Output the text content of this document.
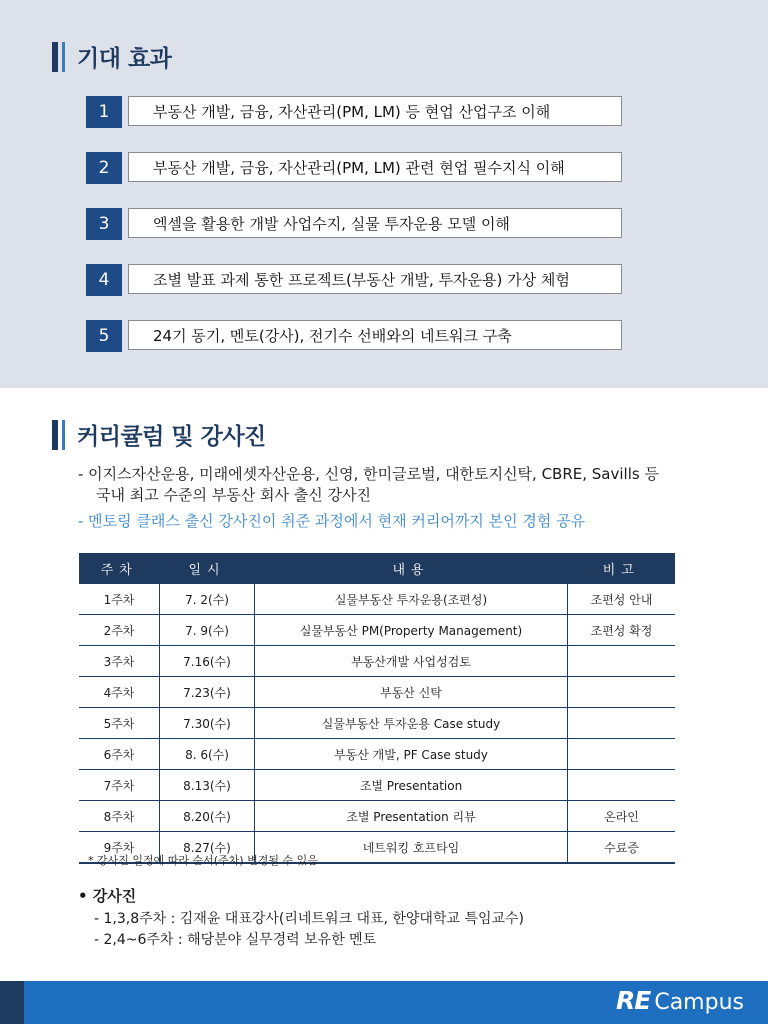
기대 효과
1	부동산 개발, 금융, 자산관리(PM, LM) 등 현업 산업구조 이해
2	부동산 개발, 금융, 자산관리(PM, LM) 관련 현업 필수지식 이해
3	엑셀을 활용한 개발 사업수지, 실물 투자운용 모델 이해
4	조별 발표 과제 통한 프로젝트(부동산 개발, 투자운용) 가상 체험
5	24기 동기, 멘토(강사), 전기수 선배와의 네트워크 구축
커리큘럼 및 강사진
- 이지스자산운용, 미래에셋자산운용, 신영, 한미글로벌, 대한토지신탁, CBRE, Savills 등
국내 최고 수준의 부동산 회사 출신 강사진
- 멘토링 클래스 출신 강사진이 취준 과정에서 현재 커리어까지 본인 경험 공유
주차	일시	내용	비고
1주차	7. 2(수)	실물부동산 투자운용(조편성)	조편성 안내
2주차	7. 9(수)	실물부동산 PM(Property Management)	조편성 확정
3주차	7.16(수)	부동산개발 사업성검토	
4주차	7.23(수)	부동산 신탁	
5주차	7.30(수)	실물부동산 투자운용 Case study	
6주차	8. 6(수)	부동산 개발, PF Case study	
7주차	8.13(수)	조별 Presentation	
8주차	8.20(수)	조별 Presentation 리뷰	온라인
9주차	8.27(수)	네트워킹 호프타임	수료증
* 강사진 일정에 따라 순서(주차) 변경될 수 있음
• 강사진
- 1,3,8주차 : 김재윤 대표강사(리네트워크 대표, 한양대학교 특임교수)
- 2,4~6주차 : 해당분야 실무경력 보유한 멘토
RE Campus
